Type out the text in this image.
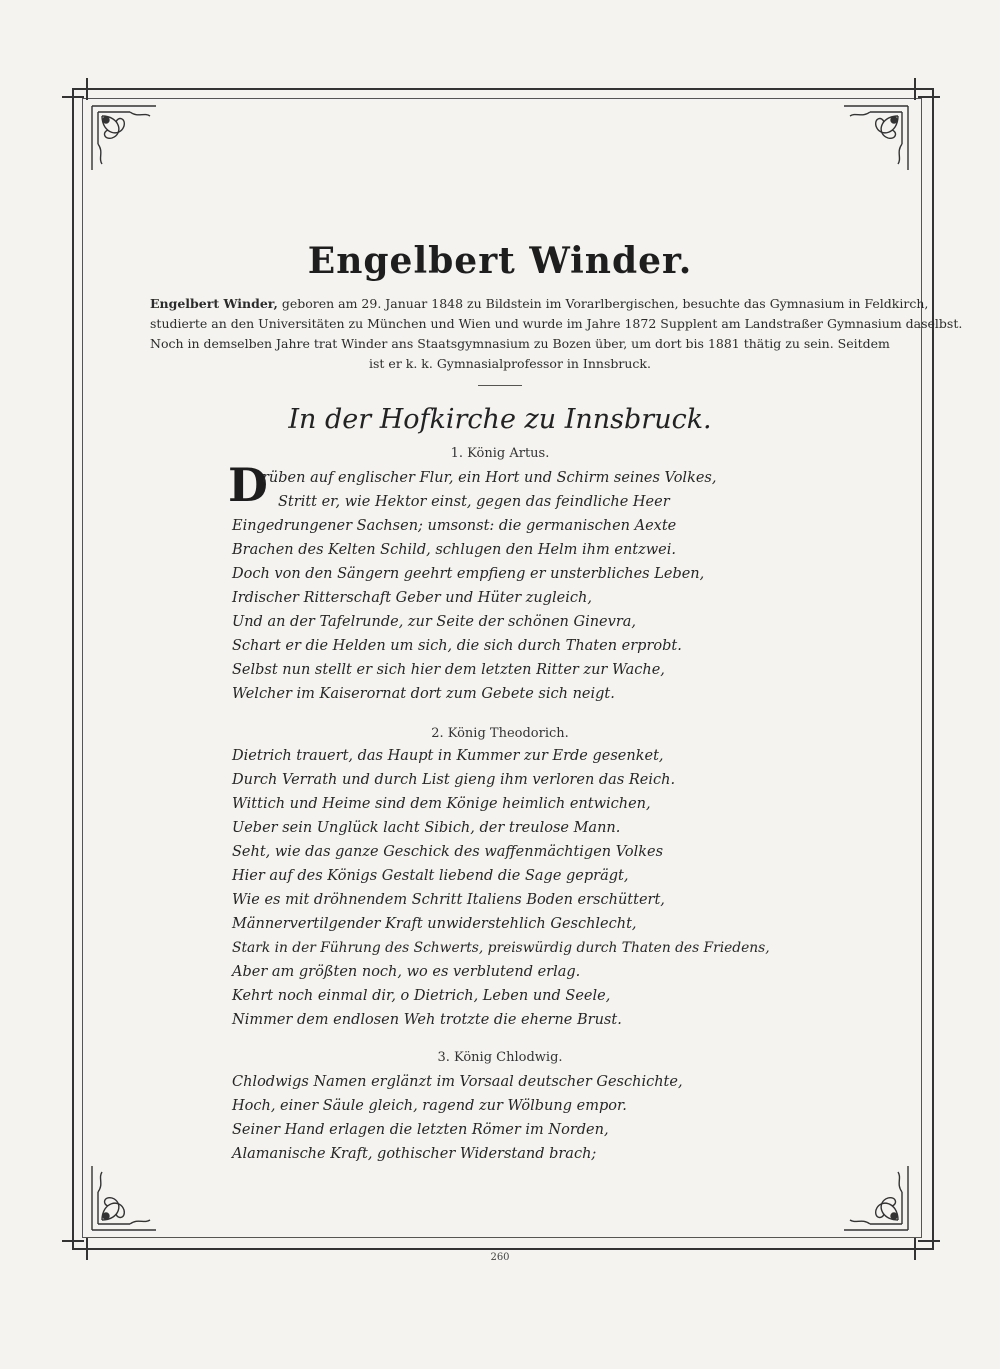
Engelbert Winder.
Engelbert Winder, geboren am 29. Januar 1848 zu Bildstein im Vorarlbergischen, besuchte das Gymnasium in Feldkirch,
studierte an den Universitäten zu München und Wien und wurde im Jahre 1872 Supplent am Landstraßer Gymnasium daselbst.
Noch in demselben Jahre trat Winder ans Staatsgymnasium zu Bozen über, um dort bis 1881 thätig zu sein. Seitdem
ist er k. k. Gymnasialprofessor in Innsbruck.
In der Hofkirche zu Innsbruck.
1. König Artus.
D
rüben auf englischer Flur, ein Hort und Schirm seines Volkes,
Stritt er, wie Hektor einst, gegen das feindliche Heer
Eingedrungener Sachsen; umsonst: die germanischen Aexte
Brachen des Kelten Schild, schlugen den Helm ihm entzwei.
Doch von den Sängern geehrt empfieng er unsterbliches Leben,
Irdischer Ritterschaft Geber und Hüter zugleich,
Und an der Tafelrunde, zur Seite der schönen Ginevra,
Schart er die Helden um sich, die sich durch Thaten erprobt.
Selbst nun stellt er sich hier dem letzten Ritter zur Wache,
Welcher im Kaiserornat dort zum Gebete sich neigt.
2. König Theodorich.
Dietrich trauert, das Haupt in Kummer zur Erde gesenket,
Durch Verrath und durch List gieng ihm verloren das Reich.
Wittich und Heime sind dem Könige heimlich entwichen,
Ueber sein Unglück lacht Sibich, der treulose Mann.
Seht, wie das ganze Geschick des waffenmächtigen Volkes
Hier auf des Königs Gestalt liebend die Sage geprägt,
Wie es mit dröhnendem Schritt Italiens Boden erschüttert,
Männervertilgender Kraft unwiderstehlich Geschlecht,
Stark in der Führung des Schwerts, preiswürdig durch Thaten des Friedens,
Aber am größten noch, wo es verblutend erlag.
Kehrt noch einmal dir, o Dietrich, Leben und Seele,
Nimmer dem endlosen Weh trotzte die eherne Brust.
3. König Chlodwig.
Chlodwigs Namen erglänzt im Vorsaal deutscher Geschichte,
Hoch, einer Säule gleich, ragend zur Wölbung empor.
Seiner Hand erlagen die letzten Römer im Norden,
Alamanische Kraft, gothischer Widerstand brach;
260
